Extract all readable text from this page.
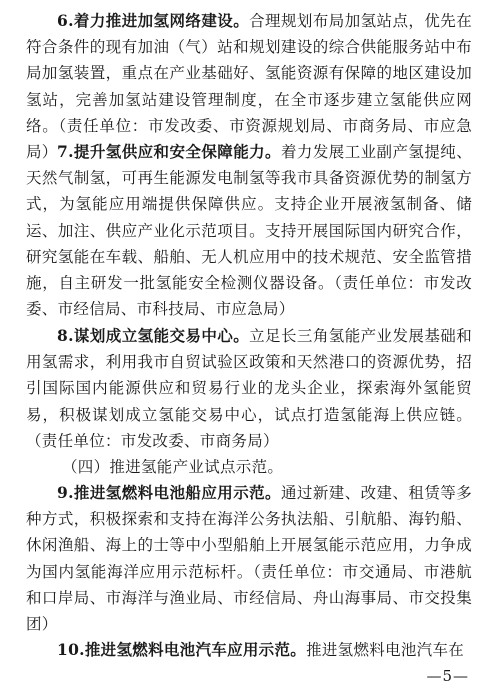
6.着力推进加氢网络建设。合理规划布局加氢站点，优先在符合条件的现有加油（气）站和规划建设的综合供能服务站中布局加氢装置，重点在产业基础好、氢能资源有保障的地区建设加氢站，完善加氢站建设管理制度，在全市逐步建立氢能供应网络。（责任单位：市发改委、市资源规划局、市商务局、市应急局） 7.提升氢供应和安全保障能力。着力发展工业副产氢提纯、天然气制氢，可再生能源发电制氢等我市具备资源优势的制氢方式，为氢能应用端提供保障供应。支持企业开展液氢制备、储运、加注、供应产业化示范项目。支持开展国际国内研究合作，研究氢能在车载、船舶、无人机应用中的技术规范、安全监管措施，自主研发一批氢能安全检测仪器设备。（责任单位：市发改委、市经信局、市科技局、市应急局）

8.谋划成立氢能交易中心。立足长三角氢能产业发展基础和用氢需求，利用我市自贸试验区政策和天然港口的资源优势，招引国际国内能源供应和贸易行业的龙头企业，探索海外氢能贸易，积极谋划成立氢能交易中心，试点打造氢能海上供应链。（责任单位：市发改委、市商务局）

（四）推进氢能产业试点示范。

9.推进氢燃料电池船应用示范。通过新建、改建、租赁等多种方式，积极探索和支持在海洋公务执法船、引航船、海钓船、休闲渔船、海上的士等中小型船舶上开展氢能示范应用，力争成为国内氢能海洋应用示范标杆。（责任单位：市交通局、市港航和口岸局、市海洋与渔业局、市经信局、舟山海事局、市交投集团）

10.推进氢燃料电池汽车应用示范。推进氢燃料电池汽车在

—5—
